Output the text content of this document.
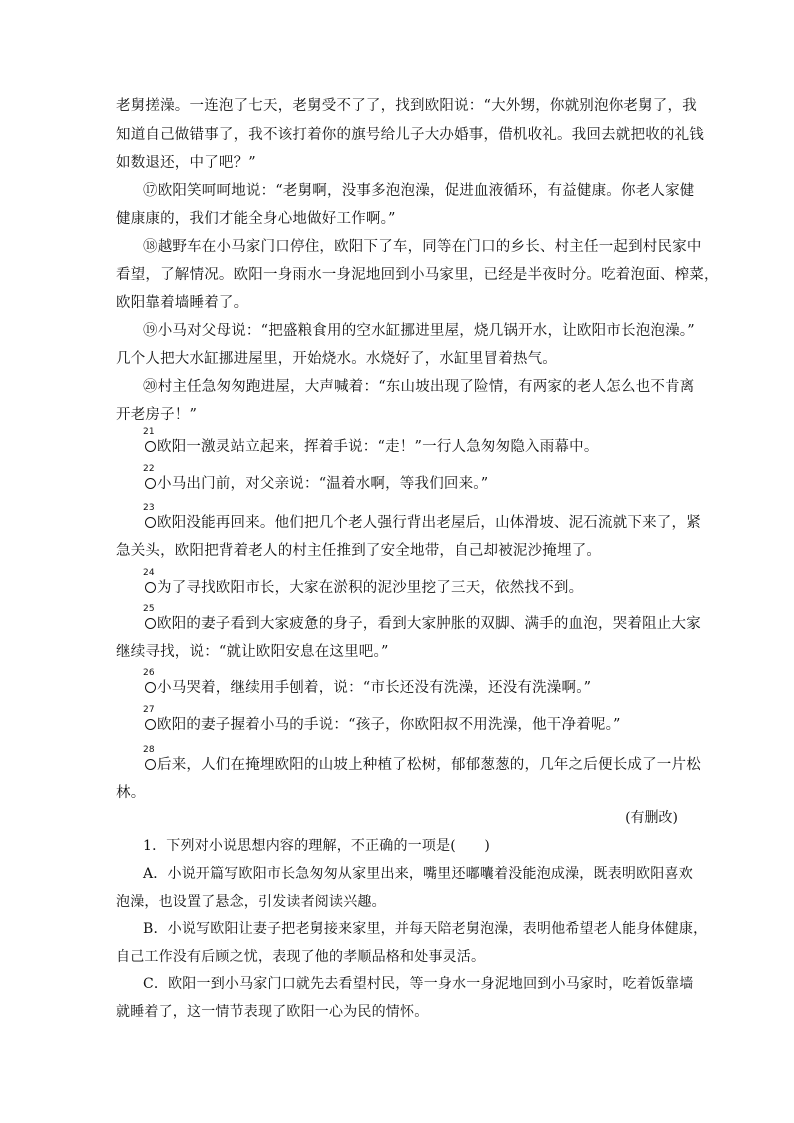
老舅搓澡。一连泡了七天，老舅受不了了，找到欧阳说：“大外甥，你就别泡你老舅了，我
知道自己做错事了，我不该打着你的旗号给儿子大办婚事，借机收礼。我回去就把收的礼钱
如数退还，中了吧？”
⑰欧阳笑呵呵地说：“老舅啊，没事多泡泡澡，促进血液循环，有益健康。你老人家健
健康康的，我们才能全身心地做好工作啊。”
⑱越野车在小马家门口停住，欧阳下了车，同等在门口的乡长、村主任一起到村民家中
看望，了解情况。欧阳一身雨水一身泥地回到小马家里，已经是半夜时分。吃着泡面、榨菜，
欧阳靠着墙睡着了。
⑲小马对父母说：“把盛粮食用的空水缸挪进里屋，烧几锅开水，让欧阳市长泡泡澡。”
几个人把大水缸挪进屋里，开始烧水。水烧好了，水缸里冒着热气。
⑳村主任急匆匆跑进屋，大声喊着：“东山坡出现了险情，有两家的老人怎么也不肯离
开老房子！”
21
欧阳一激灵站立起来，挥着手说：“走！”一行人急匆匆隐入雨幕中。
22
小马出门前，对父亲说：“温着水啊，等我们回来。”
23
欧阳没能再回来。他们把几个老人强行背出老屋后，山体滑坡、泥石流就下来了，紧
急关头，欧阳把背着老人的村主任推到了安全地带，自己却被泥沙掩埋了。
24
为了寻找欧阳市长，大家在淤积的泥沙里挖了三天，依然找不到。
25
欧阳的妻子看到大家疲惫的身子，看到大家肿胀的双脚、满手的血泡，哭着阻止大家
继续寻找，说：“就让欧阳安息在这里吧。”
26
小马哭着，继续用手刨着，说：“市长还没有洗澡，还没有洗澡啊。”
27
欧阳的妻子握着小马的手说：“孩子，你欧阳叔不用洗澡，他干净着呢。”
28
后来，人们在掩埋欧阳的山坡上种植了松树，郁郁葱葱的，几年之后便长成了一片松
林。
(有删改)
1．下列对小说思想内容的理解，不正确的一项是(　　)
A．小说开篇写欧阳市长急匆匆从家里出来，嘴里还嘟囔着没能泡成澡，既表明欧阳喜欢
泡澡，也设置了悬念，引发读者阅读兴趣。
B．小说写欧阳让妻子把老舅接来家里，并每天陪老舅泡澡，表明他希望老人能身体健康，
自己工作没有后顾之忧，表现了他的孝顺品格和处事灵活。
C．欧阳一到小马家门口就先去看望村民，等一身水一身泥地回到小马家时，吃着饭靠墙
就睡着了，这一情节表现了欧阳一心为民的情怀。
